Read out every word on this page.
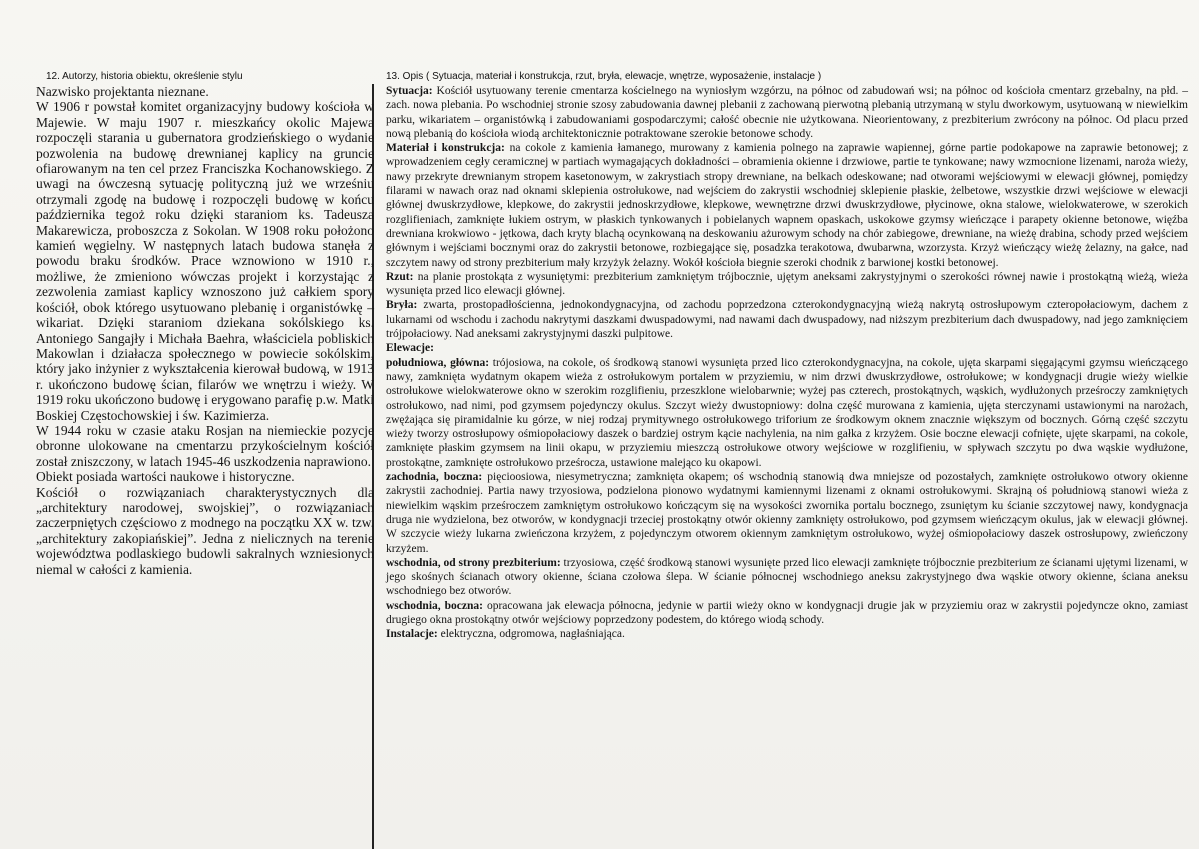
12. Autorzy, historia obiektu, określenie stylu	13. Opis ( Sytuacja, materiał i konstrukcja, rzut, bryła, elewacje, wnętrze, wyposażenie, instalacje )

Nazwisko projektanta nieznane.

W 1906 r powstał komitet organizacyjny budowy kościoła w Majewie. W maju 1907 r. mieszkańcy okolic Majewa rozpoczęli starania u gubernatora grodzieńskiego o wydanie pozwolenia na budowę drewnianej kaplicy na gruncie ofiarowanym na ten cel przez Franciszka Kochanowskiego. Z uwagi na ówczesną sytuację polityczną już we wrześniu otrzymali zgodę na budowę i rozpoczęli budowę w końcu października tegoż roku dzięki staraniom ks. Tadeusza Makarewicza, proboszcza z Sokolan. W 1908 roku położono kamień węgielny. W następnych latach budowa stanęła z powodu braku środków. Prace wznowiono w 1910 r., możliwe, że zmieniono wówczas projekt i korzystając z zezwolenia zamiast kaplicy wznoszono już całkiem spory kościół, obok którego usytuowano plebanię i organistówkę – wikariat. Dzięki staraniom dziekana sokólskiego ks. Antoniego Sangajły i Michała Baehra, właściciela pobliskich Makowlan i działacza społecznego w powiecie sokólskim, który jako inżynier z wykształcenia kierował budową, w 1913 r. ukończono budowę ścian, filarów we wnętrzu i wieży. W 1919 roku ukończono budowę i erygowano parafię p.w. Matki Boskiej Częstochowskiej i św. Kazimierza.

W 1944 roku w czasie ataku Rosjan na niemieckie pozycje obronne ulokowane na cmentarzu przykościelnym kościół został zniszczony, w latach 1945-46 uszkodzenia naprawiono.

Obiekt posiada wartości naukowe i historyczne.

Kościół o rozwiązaniach charakterystycznych dla „architektury narodowej, swojskiej”, o rozwiązaniach zaczerpniętych częściowo z modnego na początku XX w. tzw. „architektury zakopiańskiej”. Jedna z nielicznych na terenie województwa podlaskiego budowli sakralnych wzniesionych niemal w całości z kamienia.

Sytuacja: Kościół usytuowany terenie cmentarza kościelnego na wyniosłym wzgórzu, na północ od zabudowań wsi; na północ od kościoła cmentarz grzebalny, na płd. – zach. nowa plebania. Po wschodniej stronie szosy zabudowania dawnej plebanii z zachowaną pierwotną plebanią utrzymaną w stylu dworkowym, usytuowaną w niewielkim parku, wikariatem – organistówką i zabudowaniami gospodarczymi; całość obecnie nie użytkowana. Nieorientowany, z prezbiterium zwrócony na północ. Od placu przed nową plebanią do kościoła wiodą architektonicznie potraktowane szerokie betonowe schody.

Materiał i konstrukcja: na cokole z kamienia łamanego, murowany z kamienia polnego na zaprawie wapiennej, górne partie podokapowe na zaprawie betonowej; z wprowadzeniem cegły ceramicznej w partiach wymagających dokładności – obramienia okienne i drzwiowe, partie te tynkowane; nawy wzmocnione lizenami, naroża wieży, nawy przekryte drewnianym stropem kasetonowym, w zakrystiach stropy drewniane, na belkach odeskowane; nad otworami wejściowymi w elewacji głównej, pomiędzy filarami w nawach oraz nad oknami sklepienia ostrołukowe, nad wejściem do zakrystii wschodniej sklepienie płaskie, żelbetowe, wszystkie drzwi wejściowe w elewacji głównej dwuskrzydłowe, klepkowe, do zakrystii jednoskrzydłowe, klepkowe, wewnętrzne drzwi dwuskrzydłowe, płycinowe, okna stalowe, wielokwaterowe, w szerokich rozglifieniach, zamknięte łukiem ostrym, w płaskich tynkowanych i pobielanych wapnem opaskach, uskokowe gzymsy wieńczące i parapety okienne betonowe, więźba drewniana krokwiowo - jętkowa, dach kryty blachą ocynkowaną na deskowaniu ażurowym schody na chór zabiegowe, drewniane, na wieżę drabina, schody przed wejściem głównym i wejściami bocznymi oraz do zakrystii betonowe, rozbiegające się, posadzka terakotowa, dwubarwna, wzorzysta. Krzyż wieńczący wieżę żelazny, na gałce, nad szczytem nawy od strony prezbiterium mały krzyżyk żelazny. Wokół kościoła biegnie szeroki chodnik z barwionej kostki betonowej.

Rzut: na planie prostokąta z wysuniętymi: prezbiterium zamkniętym trójbocznie, ujętym aneksami zakrystyjnymi o szerokości równej nawie i prostokątną wieżą, wieża wysunięta przed lico elewacji głównej.

Bryła: zwarta, prostopadłościenna, jednokondygnacyjna, od zachodu poprzedzona czterokondygnacyjną wieżą nakrytą ostrosłupowym czteropołaciowym, dachem z lukarnami od wschodu i zachodu nakrytymi daszkami dwuspadowymi, nad nawami dach dwuspadowy, nad niższym prezbiterium dach dwuspadowy, nad jego zamknięciem trójpołaciowy. Nad aneksami zakrystyjnymi daszki pulpitowe.

Elewacje:

południowa, główna: trójosiowa, na cokole, oś środkową stanowi wysunięta przed lico czterokondygnacyjna, na cokole, ujęta skarpami sięgającymi gzymsu wieńczącego nawy, zamknięta wydatnym okapem wieża z ostrołukowym portalem w przyziemiu, w nim drzwi dwuskrzydłowe, ostrołukowe; w kondygnacji drugie wieży wielkie ostrołukowe wielokwaterowe okno w szerokim rozglifieniu, przeszklone wielobarwnie; wyżej pas czterech, prostokątnych, wąskich, wydłużonych prześroczy zamkniętych ostrołukowo, nad nimi, pod gzymsem pojedynczy okulus. Szczyt wieży dwustopniowy: dolna część murowana z kamienia, ujęta sterczynami ustawionymi na narożach, zwężająca się piramidalnie ku górze, w niej rodzaj prymitywnego ostrołukowego triforium ze środkowym oknem znacznie większym od bocznych. Górną część szczytu wieży tworzy ostrosłupowy ośmiopołaciowy daszek o bardziej ostrym kącie nachylenia, na nim gałka z krzyżem. Osie boczne elewacji cofnięte, ujęte skarpami, na cokole, zamknięte płaskim gzymsem na linii okapu, w przyziemiu mieszczą ostrołukowe otwory wejściowe w rozglifieniu, w spływach szczytu po dwa wąskie wydłużone, prostokątne, zamknięte ostrołukowo prześrocza, ustawione malejąco ku okapowi.

zachodnia, boczna: pięcioosiowa, niesymetryczna; zamknięta okapem; oś wschodnią stanowią dwa mniejsze od pozostałych, zamknięte ostrołukowo otwory okienne zakrystii zachodniej. Partia nawy trzyosiowa, podzielona pionowo wydatnymi kamiennymi lizenami z oknami ostrołukowymi. Skrajną oś południową stanowi wieża z niewielkim wąskim prześroczem zamkniętym ostrołukowo kończącym się na wysokości zwornika portalu bocznego, zsuniętym ku ścianie szczytowej nawy, kondygnacja druga nie wydzielona, bez otworów, w kondygnacji trzeciej prostokątny otwór okienny zamknięty ostrołukowo, pod gzymsem wieńczącym okulus, jak w elewacji głównej. W szczycie wieży lukarna zwieńczona krzyżem, z pojedynczym otworem okiennym zamkniętym ostrołukowo, wyżej ośmiopołaciowy daszek ostrosłupowy, zwieńczony krzyżem.

wschodnia, od strony prezbiterium: trzyosiowa, część środkową stanowi wysunięte przed lico elewacji zamknięte trójbocznie prezbiterium ze ścianami ujętymi lizenami, w jego skośnych ścianach otwory okienne, ściana czołowa ślepa. W ścianie północnej wschodniego aneksu zakrystyjnego dwa wąskie otwory okienne, ściana aneksu wschodniego bez otworów.

wschodnia, boczna: opracowana jak elewacja północna, jedynie w partii wieży okno w kondygnacji drugie jak w przyziemiu oraz w zakrystii pojedyncze okno, zamiast drugiego okna prostokątny otwór wejściowy poprzedzony podestem, do którego wiodą schody.

Instalacje: elektryczna, odgromowa, nagłaśniająca.
